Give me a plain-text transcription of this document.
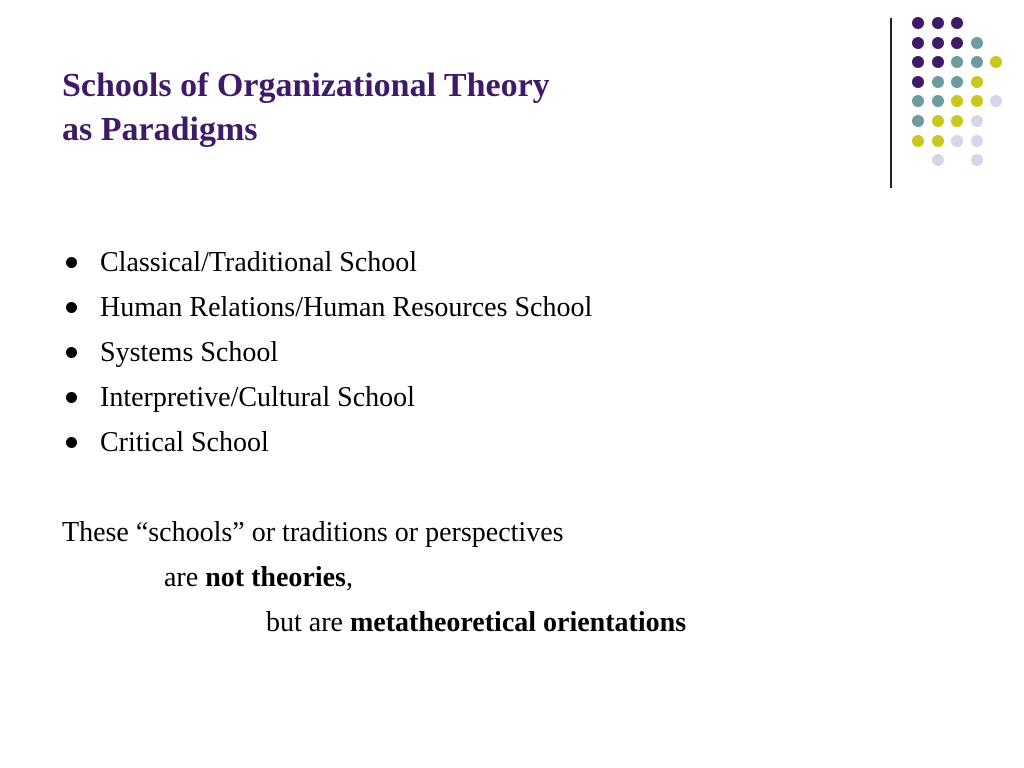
Schools of Organizational Theory
as Paradigms
Classical/Traditional School
Human Relations/Human Resources School
Systems School
Interpretive/Cultural School
Critical School
These “schools” or traditions or perspectives
are not theories,
but are metatheoretical orientations
